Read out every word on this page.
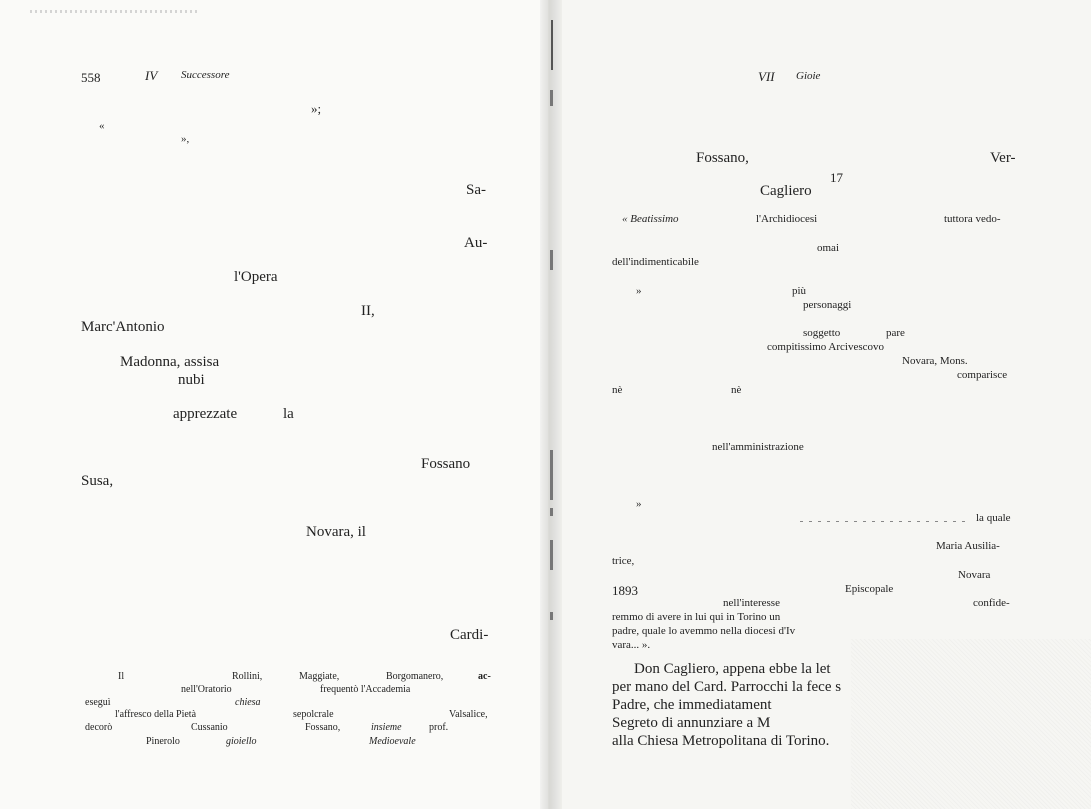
558	IV Successore
»;
«
»,
Sa-
Au-
l'Opera
II,
Marc'Antonio
Madonna, assisa
nubi
apprezzate	la
Fossano
Susa,
Novara, il
Cardi-
Il	Rollini,	Maggiate,	Borgomanero,	ac-
nell'Oratorio	frequentò l'Accademia
eseguì	chiesa
l'affresco della Pietà	sepolcrale	Valsalice,
decorò	Cussanio	Fossano,	insieme	prof.
Pinerolo	gioiello	Medioevale
VII Gioie
Fossano,	Ver-
17
Cagliero
« Beatissimo	l'Archidiocesi	tuttora vedo-
omai
dell'indimenticabile
»	più
personaggi
soggetto	pare
compitissimo Arcivescovo
Novara, Mons.
comparisce
nè	nè
nell'amministrazione
»
la quale
Maria Ausilia-
trice,
Novara
1893	Episcopale
nell'interesse	confide-
remmo di avere in lui qui in Torino un
padre, quale lo avemmo nella diocesi d'Iv
vara... ».
Don Cagliero, appena ebbe la let
per mano del Card. Parrocchi la fece s
Padre, che immediatament
Segreto di annunziare a M
alla Chiesa Metropolitana di Torino.
